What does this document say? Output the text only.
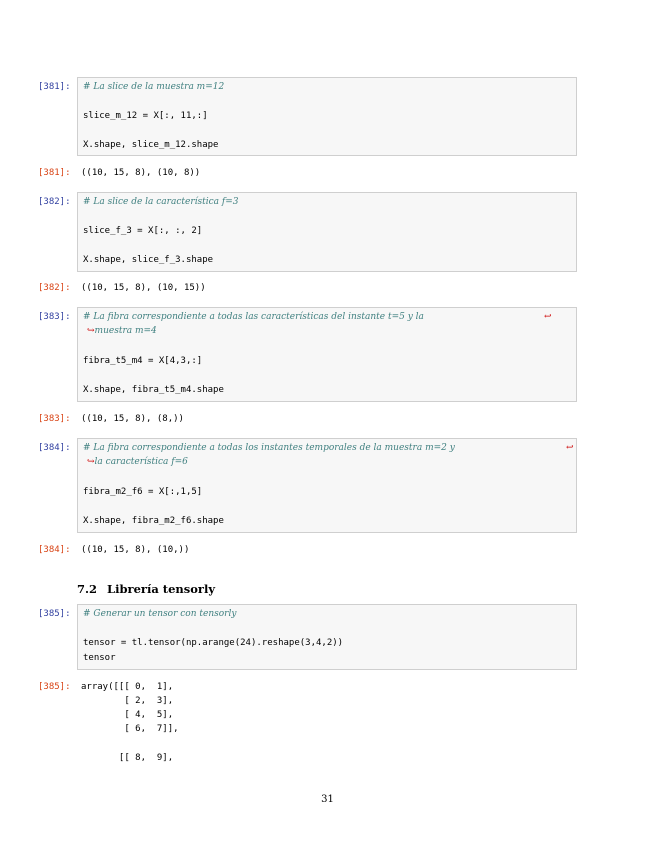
[381]: # La slice de la muestra m=12
slice_m_12 = X[:, 11,:]
X.shape, slice_m_12.shape
[381]: ((10, 15, 8), (10, 8))
[382]: # La slice de la característica f=3
slice_f_3 = X[:, :, 2]
X.shape, slice_f_3.shape
[382]: ((10, 15, 8), (10, 15))
[383]: # La fibra correspondiente a todas las características del instante t=5 y la	↩
↪muestra m=4
fibra_t5_m4 = X[4,3,:]
X.shape, fibra_t5_m4.shape
[383]: ((10, 15, 8), (8,))
[384]: # La fibra correspondiente a todas los instantes temporales de la muestra m=2 y	↩
↪la característica f=6
fibra_m2_f6 = X[:,1,5]
X.shape, fibra_m2_f6.shape
[384]: ((10, 15, 8), (10,))
7.2 Librería tensorly
[385]: # Generar un tensor con tensorly
tensor = tl.tensor(np.arange(24).reshape(3,4,2))
tensor
[385]: array([[[ 0,  1],
[ 2,  3],
[ 4,  5],
[ 6,  7]],
[[ 8,  9],
31
